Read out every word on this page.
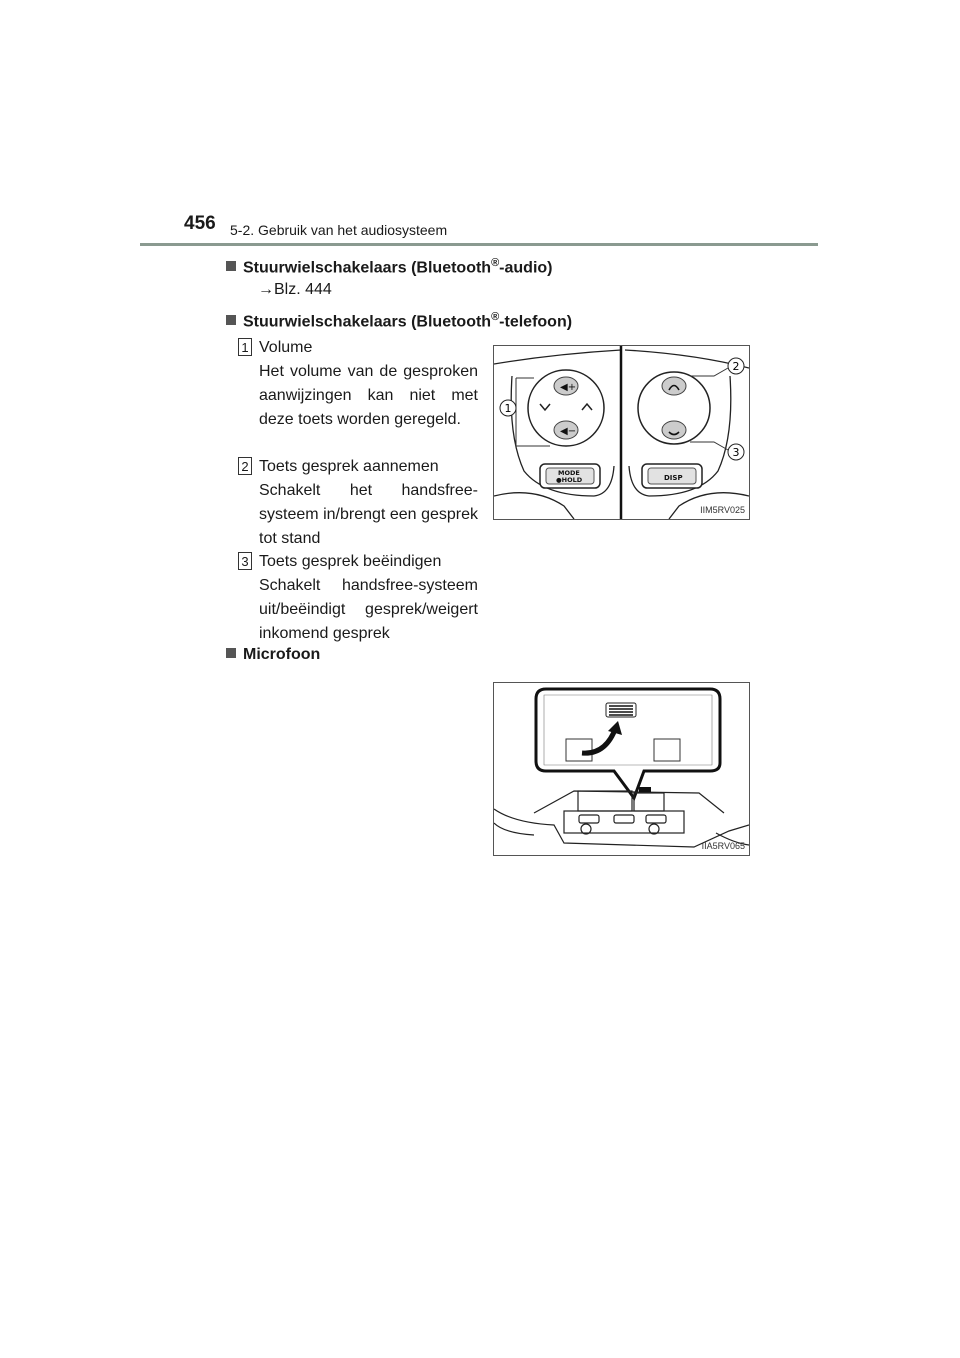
456 5-2. Gebruik van het audiosysteem
Stuurwielschakelaars (Bluetooth®-audio)
→Blz. 444
Stuurwielschakelaars (Bluetooth®-telefoon)
1 Volume
Het volume van de gesproken aanwijzingen kan niet met deze toets worden geregeld.
2 Toets gesprek aannemen
Schakelt het handsfree-systeem in/brengt een gesprek tot stand
3 Toets gesprek beëindigen
Schakelt handsfree-systeem uit/beëindigt gesprek/weigert inkomend gesprek
Microfoon
◀+
◀−
MODE
●HOLD	DISP
1
2
3
IIM5RV025
IIA5RV065
